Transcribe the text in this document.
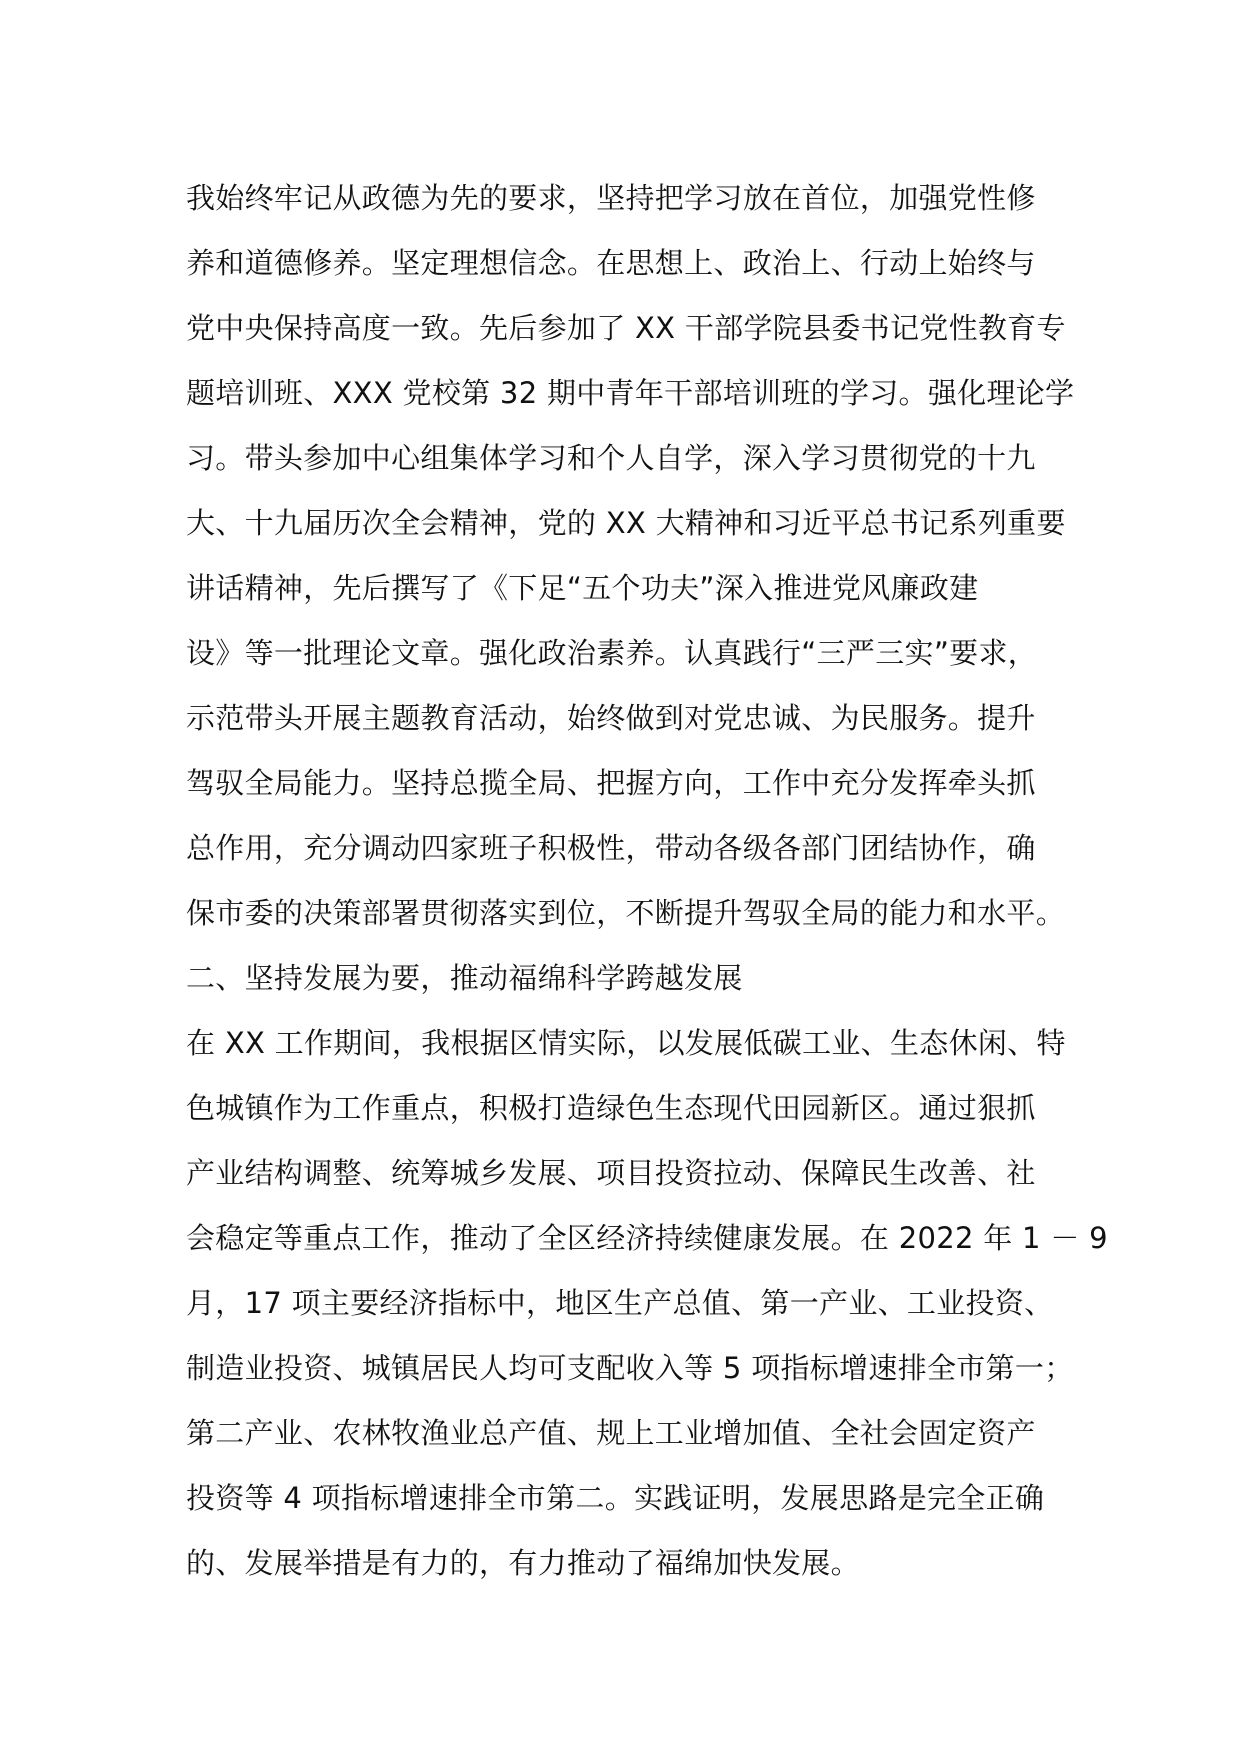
我始终牢记从政德为先的要求，坚持把学习放在首位，加强党性修
养和道德修养。坚定理想信念。在思想上、政治上、行动上始终与
党中央保持高度一致。先后参加了 XX 干部学院县委书记党性教育专
题培训班、XXX 党校第 32 期中青年干部培训班的学习。强化理论学
习。带头参加中心组集体学习和个人自学，深入学习贯彻党的十九
大、十九届历次全会精神，党的 XX 大精神和习近平总书记系列重要
讲话精神，先后撰写了《下足“五个功夫”深入推进党风廉政建
设》等一批理论文章。强化政治素养。认真践行“三严三实”要求，
示范带头开展主题教育活动，始终做到对党忠诚、为民服务。提升
驾驭全局能力。坚持总揽全局、把握方向，工作中充分发挥牵头抓
总作用，充分调动四家班子积极性，带动各级各部门团结协作，确
保市委的决策部署贯彻落实到位，不断提升驾驭全局的能力和水平。
二、坚持发展为要，推动福绵科学跨越发展
在 XX 工作期间，我根据区情实际，以发展低碳工业、生态休闲、特
色城镇作为工作重点，积极打造绿色生态现代田园新区。通过狠抓
产业结构调整、统筹城乡发展、项目投资拉动、保障民生改善、社
会稳定等重点工作，推动了全区经济持续健康发展。在 2022 年 1 － 9
月，17 项主要经济指标中，地区生产总值、第一产业、工业投资、
制造业投资、城镇居民人均可支配收入等 5 项指标增速排全市第一；
第二产业、农林牧渔业总产值、规上工业增加值、全社会固定资产
投资等 4 项指标增速排全市第二。实践证明，发展思路是完全正确
的、发展举措是有力的，有力推动了福绵加快发展。
